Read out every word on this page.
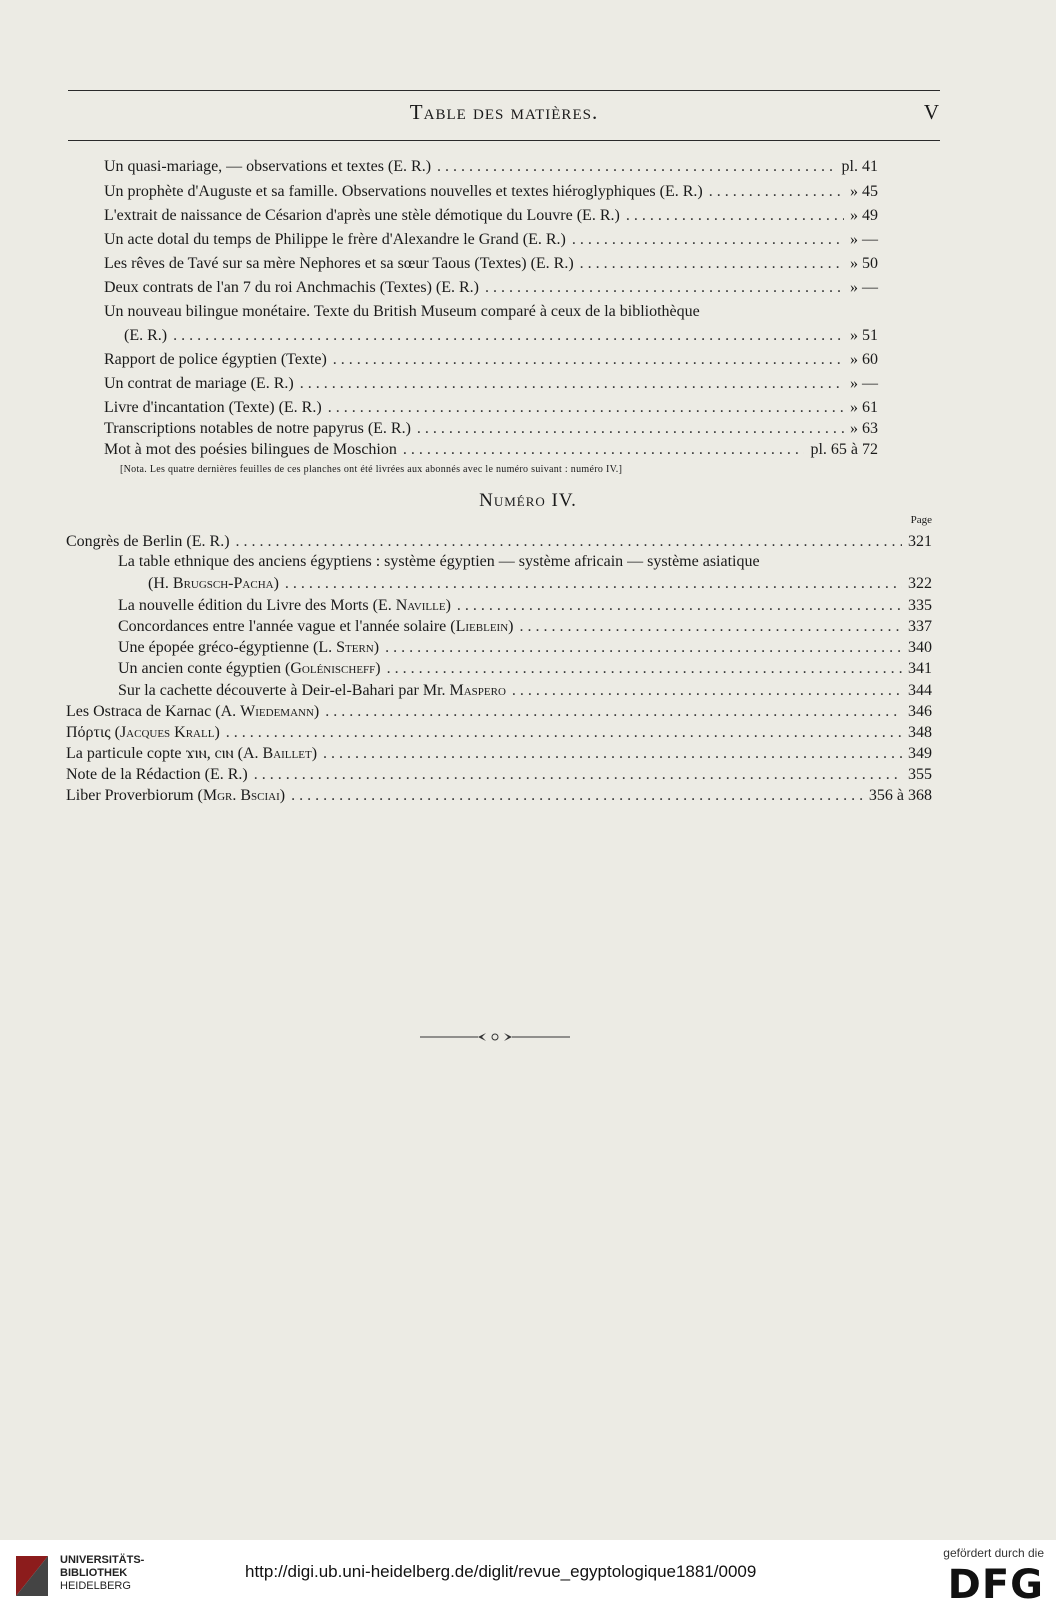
Table des matières.	V
Un quasi-mariage, — observations et textes (E. R.) . . .	pl. 41
Un prophète d'Auguste et sa famille. Observations nouvelles et textes hiéroglyphiques (E. R.) . . .	» 45
L'extrait de naissance de Césarion d'après une stèle démotique du Louvre (E. R.) . . .	» 49
Un acte dotal du temps de Philippe le frère d'Alexandre le Grand (E. R.) . . .	» —
Les rêves de Tavé sur sa mère Nephores et sa sœur Taous (Textes) (E. R.) . . .	» 50
Deux contrats de l'an 7 du roi Anchmachis (Textes) (E. R.) . . .	» —
Un nouveau bilingue monétaire. Texte du British Museum comparé à ceux de la bibliothèque
(E. R.) . . .	» 51
Rapport de police égyptien (Texte) . . .	» 60
Un contrat de mariage (E. R.) . . .	» —
Livre d'incantation (Texte) (E. R.) . . .	» 61
Transcriptions notables de notre papyrus (E. R.) . . .	» 63
Mot à mot des poésies bilingues de Moschion . . .	pl. 65 à 72
[Nota. Les quatre dernières feuilles de ces planches ont été livrées aux abonnés avec le numéro suivant : numéro IV.]
Numéro IV.
Page
Congrès de Berlin (E. R.) . . .	321
La table ethnique des anciens égyptiens : système égyptien — système africain — système asiatique
(H. Brugsch-Pacha) . . .	322
La nouvelle édition du Livre des Morts (E. Naville) . . .	335
Concordances entre l'année vague et l'année solaire (Lieblein) . . .	337
Une épopée gréco-égyptienne (L. Stern) . . .	340
Un ancien conte égyptien (Golénischeff) . . .	341
Sur la cachette découverte à Deir-el-Bahari par Mr. Maspero . . .	344
Les Ostraca de Karnac (A. Wiedemann) . . .	346
Πόρτις (Jacques Krall) . . .	348
La particule copte ϫⲓⲛ, ⲥⲓⲛ (A. Baillet) . . .	349
Note de la Rédaction (E. R.) . . .	355
Liber Proverbiorum (Mgr. Bsciai) . . .	356 à 368
UNIVERSITÄTS-
BIBLIOTHEK
HEIDELBERG
http://digi.ub.uni-heidelberg.de/diglit/revue_egyptologique1881/0009
gefördert durch die
DFG
